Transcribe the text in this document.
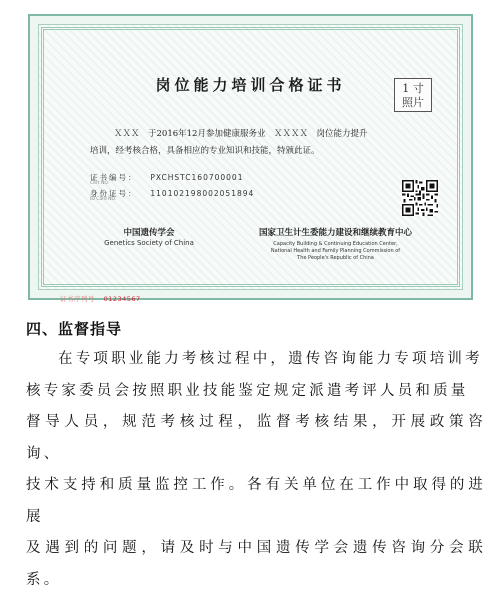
岗位能力培训合格证书	1 寸
照片
ＸＸＸ　于2016年12月参加健康服务业　ＸＸＸＸ　岗位能力提升
培训，经考核合格，具备相应的专业知识和技能，特颁此证。
证书编号： PXCHSTC160700001
Cert NO.
身份证号： 110102198002051894
ID Card NO.
中国遗传学会
Genetics Society of China
国家卫生计生委能力建设和继续教育中心
Capacity Building & Continuing Education Center,
National Health and Family Planning Commission of
The People's Republic of China
证书序列号 01234567
四、监督指导

在专项职业能力考核过程中，遗传咨询能力专项培训考

核专家委员会按照职业技能鉴定规定派遣考评人员和质量

督导人员，规范考核过程，监督考核结果，开展政策咨询、

技术支持和质量监控工作。各有关单位在工作中取得的进展

及遇到的问题，请及时与中国遗传学会遗传咨询分会联系。
